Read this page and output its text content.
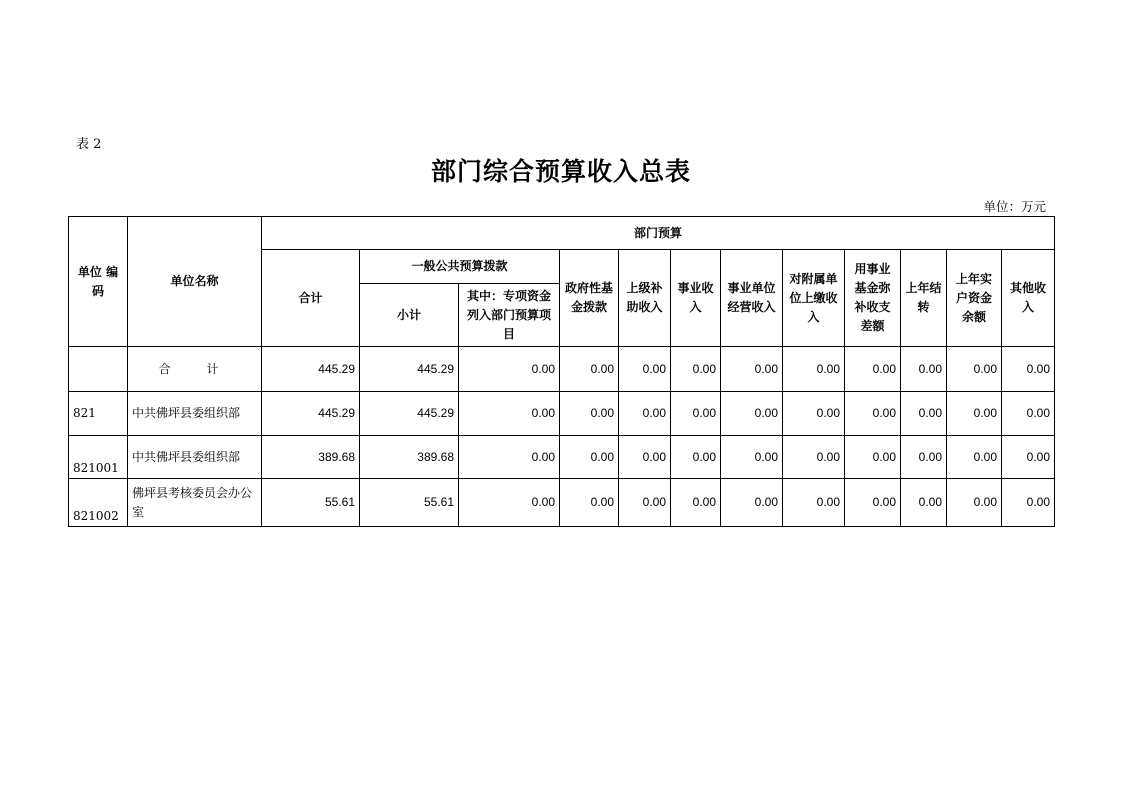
表 2
部门综合预算收入总表
单位：万元
单位 编码	单位名称	部门预算											
		合计	一般公共预算拨款		政府性基金拨款	上级补助收入	事业收入	事业单位经营收入	对附属单位上缴收入	用事业基金弥补收支差额	上年结转	上年实户资金余额	其他收入
			小计	其中：专项资金列入部门预算项目									
	合　计	445.29	445.29	0.00	0.00	0.00	0.00	0.00	0.00	0.00	0.00	0.00	0.00
821	中共佛坪县委组织部	445.29	445.29	0.00	0.00	0.00	0.00	0.00	0.00	0.00	0.00	0.00	0.00
821001	中共佛坪县委组织部	389.68	389.68	0.00	0.00	0.00	0.00	0.00	0.00	0.00	0.00	0.00	0.00
821002	佛坪县考核委员会办公室	55.61	55.61	0.00	0.00	0.00	0.00	0.00	0.00	0.00	0.00	0.00	0.00
